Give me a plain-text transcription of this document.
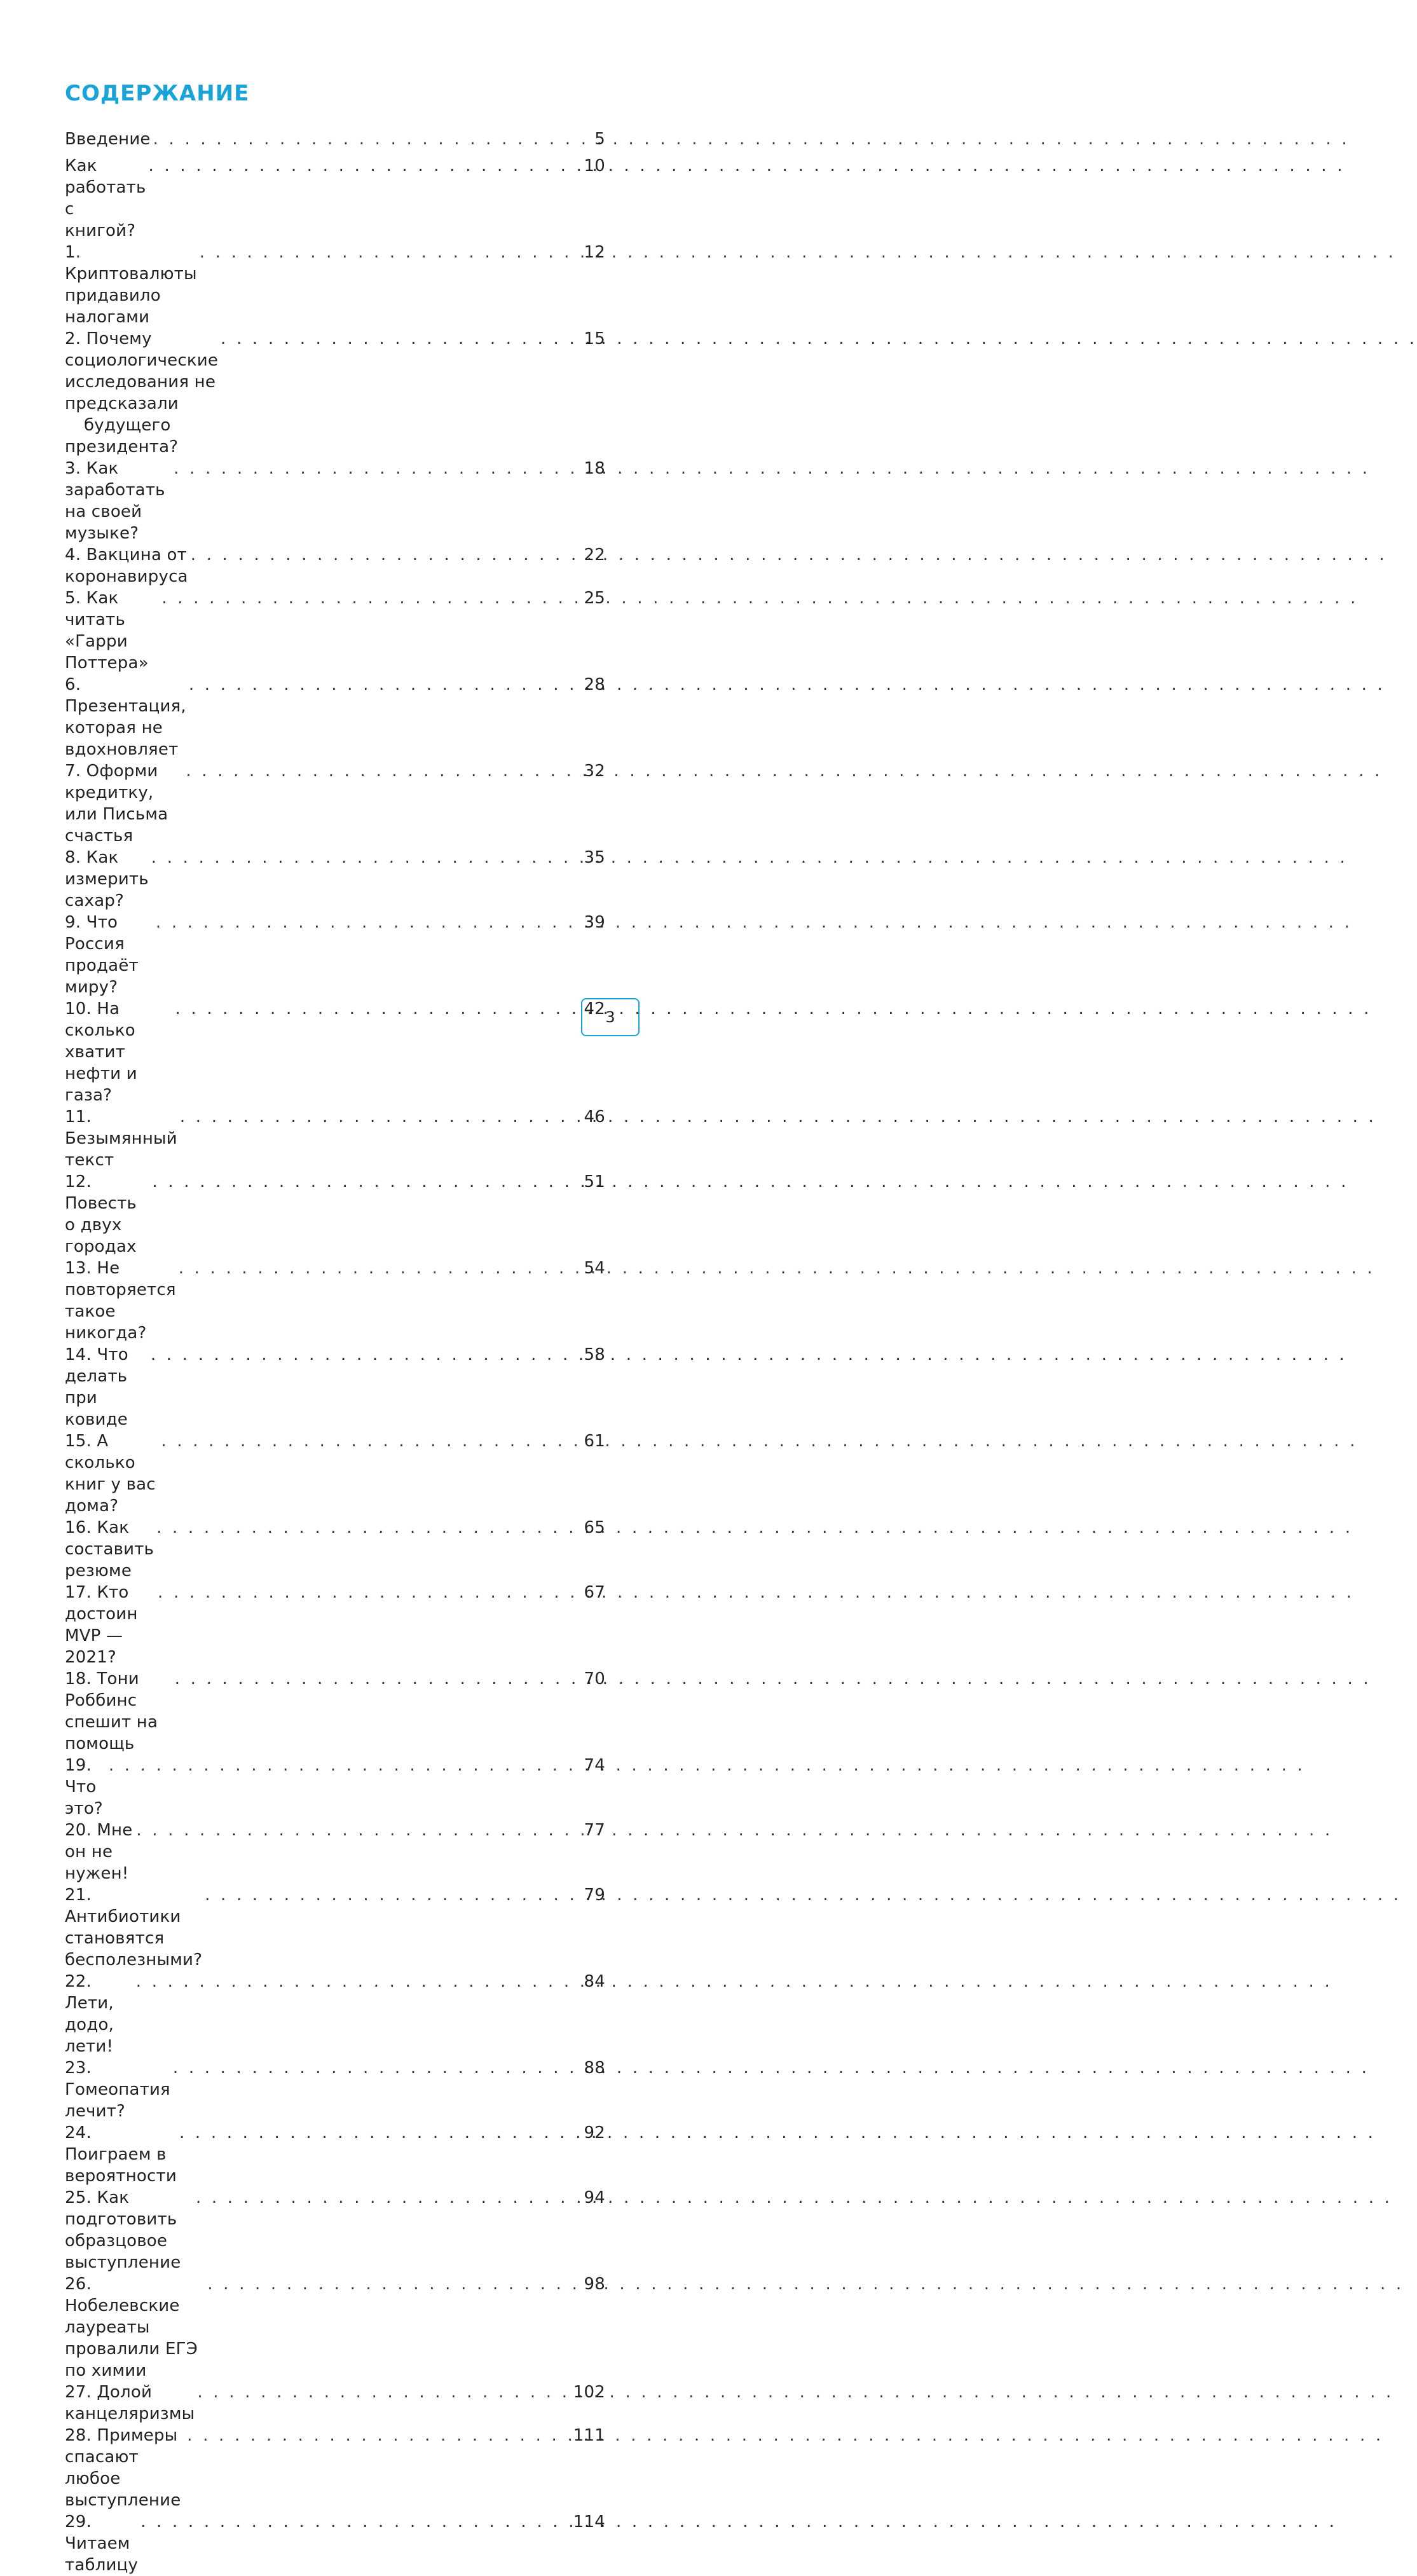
СОДЕРЖАНИЕ
Введение
. . .	5
Как работать с книгой?
. . .
10
1. Криптовалюты придавило налогами
. . .
12
2. Почему социологические исследования не предсказали
будущего президента?
. . .
15
3. Как заработать на своей музыке?
. . .
18
4. Вакцина от коронавируса
. . .
22
5. Как читать «Гарри Поттера»
. . .
25
6. Презентация, которая не вдохновляет
. . .
28
7. Оформи кредитку, или Письма счастья
. . .
32
8. Как измерить сахар?
. . .
35
9. Что Россия продаёт миру?
. . .
39
10. На сколько хватит нефти и газа?
. . .
42
11. Безымянный текст
. . .
46
12. Повесть о двух городах
. . .
51
13. Не повторяется такое никогда?
. . .
54
14. Что делать при ковиде
. . .
58
15. А сколько книг у вас дома?
. . .
61
16. Как составить резюме
. . .
65
17. Кто достоин MVP — 2021?
. . .
67
18. Тони Роббинс спешит на помощь
. . .
70
19. Что это?
. . .
74
20. Мне он не нужен!
. . .
77
21. Антибиотики становятся бесполезными?
. . .
79
22. Лети, додо, лети!
. . .
84
23. Гомеопатия лечит?
. . .
88
24. Поиграем в вероятности
. . .
92
25. Как подготовить образцовое выступление
. . .
94
26. Нобелевские лауреаты провалили ЕГЭ по химии
. . .
98
27. Долой канцеляризмы
. . .
102
28. Примеры спасают любое выступление
. . .
111
29. Читаем таблицу
. . .
114
3
